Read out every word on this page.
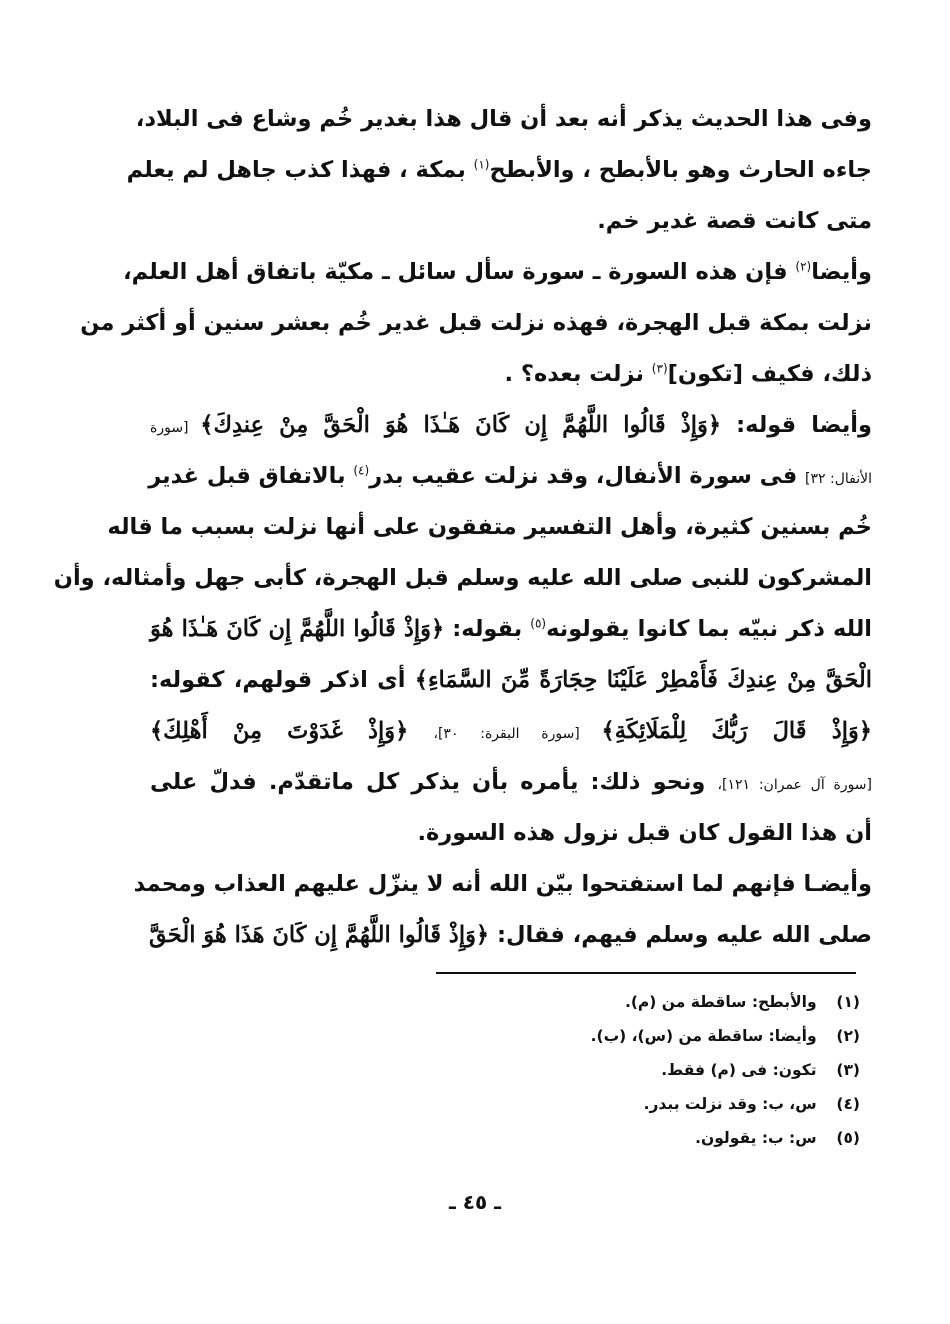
وفى هذا الحديث يذكر أنه بعد أن قال هذا بغدير خُم وشاع فى البلاد،
جاءه الحارث وهو بالأبطح ، والأبطح$^{(١)}$ بمكة ، فهذا كذب جاهل لم يعلم
متى كانت قصة غدير خم.
وأيضا$^{(٢)}$ فإن هذه السورة ـ سورة سأل سائل ـ مكيّة باتفاق أهل العلم،
نزلت بمكة قبل الهجرة، فهذه نزلت قبل غدير خُم بعشر سنين أو أكثر من
ذلك، فكيف [تكون]$^{(٣)}$ نزلت بعده؟ .
وأيضا قوله: ﴿وَإِذْ قَالُوا اللَّهُمَّ إِن كَانَ هَـٰذَا هُوَ الْحَقَّ مِنْ عِندِكَ﴾ [سورة
الأنفال: ٣٢] فى سورة الأنفال، وقد نزلت عقيب بدر$^{(٤)}$ بالاتفاق قبل غدير
خُم بسنين كثيرة، وأهل التفسير متفقون على أنها نزلت بسبب ما قاله
المشركون للنبى صلى الله عليه وسلم قبل الهجرة، كأبى جهل وأمثاله، وأن
الله ذكر نبيّه بما كانوا يقولونه$^{(٥)}$ بقوله: ﴿وَإِذْ قَالُوا اللَّهُمَّ إِن كَانَ هَـٰذَا هُوَ
الْحَقَّ مِنْ عِندِكَ فَأَمْطِرْ عَلَيْنَا حِجَارَةً مِّنَ السَّمَاءِ﴾ أى اذكر قولهم، كقوله:
﴿وَإِذْ قَالَ رَبُّكَ لِلْمَلَائِكَةِ﴾ [سورة البقرة: ٣٠]، ﴿وَإِذْ غَدَوْتَ مِنْ أَهْلِكَ﴾
[سورة آل عمران: ١٢١]، ونحو ذلك: يأمره بأن يذكر كل ماتقدّم. فدلّ على
أن هذا القول كان قبل نزول هذه السورة.
وأيضـا فإنهم لما استفتحوا بيّن الله أنه لا ينزّل عليهم العذاب ومحمد
صلى الله عليه وسلم فيهم، فقال: ﴿وَإِذْ قَالُوا اللَّهُمَّ إِن كَانَ هَذَا هُوَ الْحَقَّ
(١) والأبطح: ساقطة من (م).
(٢) وأيضا: ساقطة من (س)، (ب).
(٣) تكون: فى (م) فقط.
(٤) س، ب: وقد نزلت ببدر.
(٥) س: ب: يقولون.
ـ ٤٥ ـ
